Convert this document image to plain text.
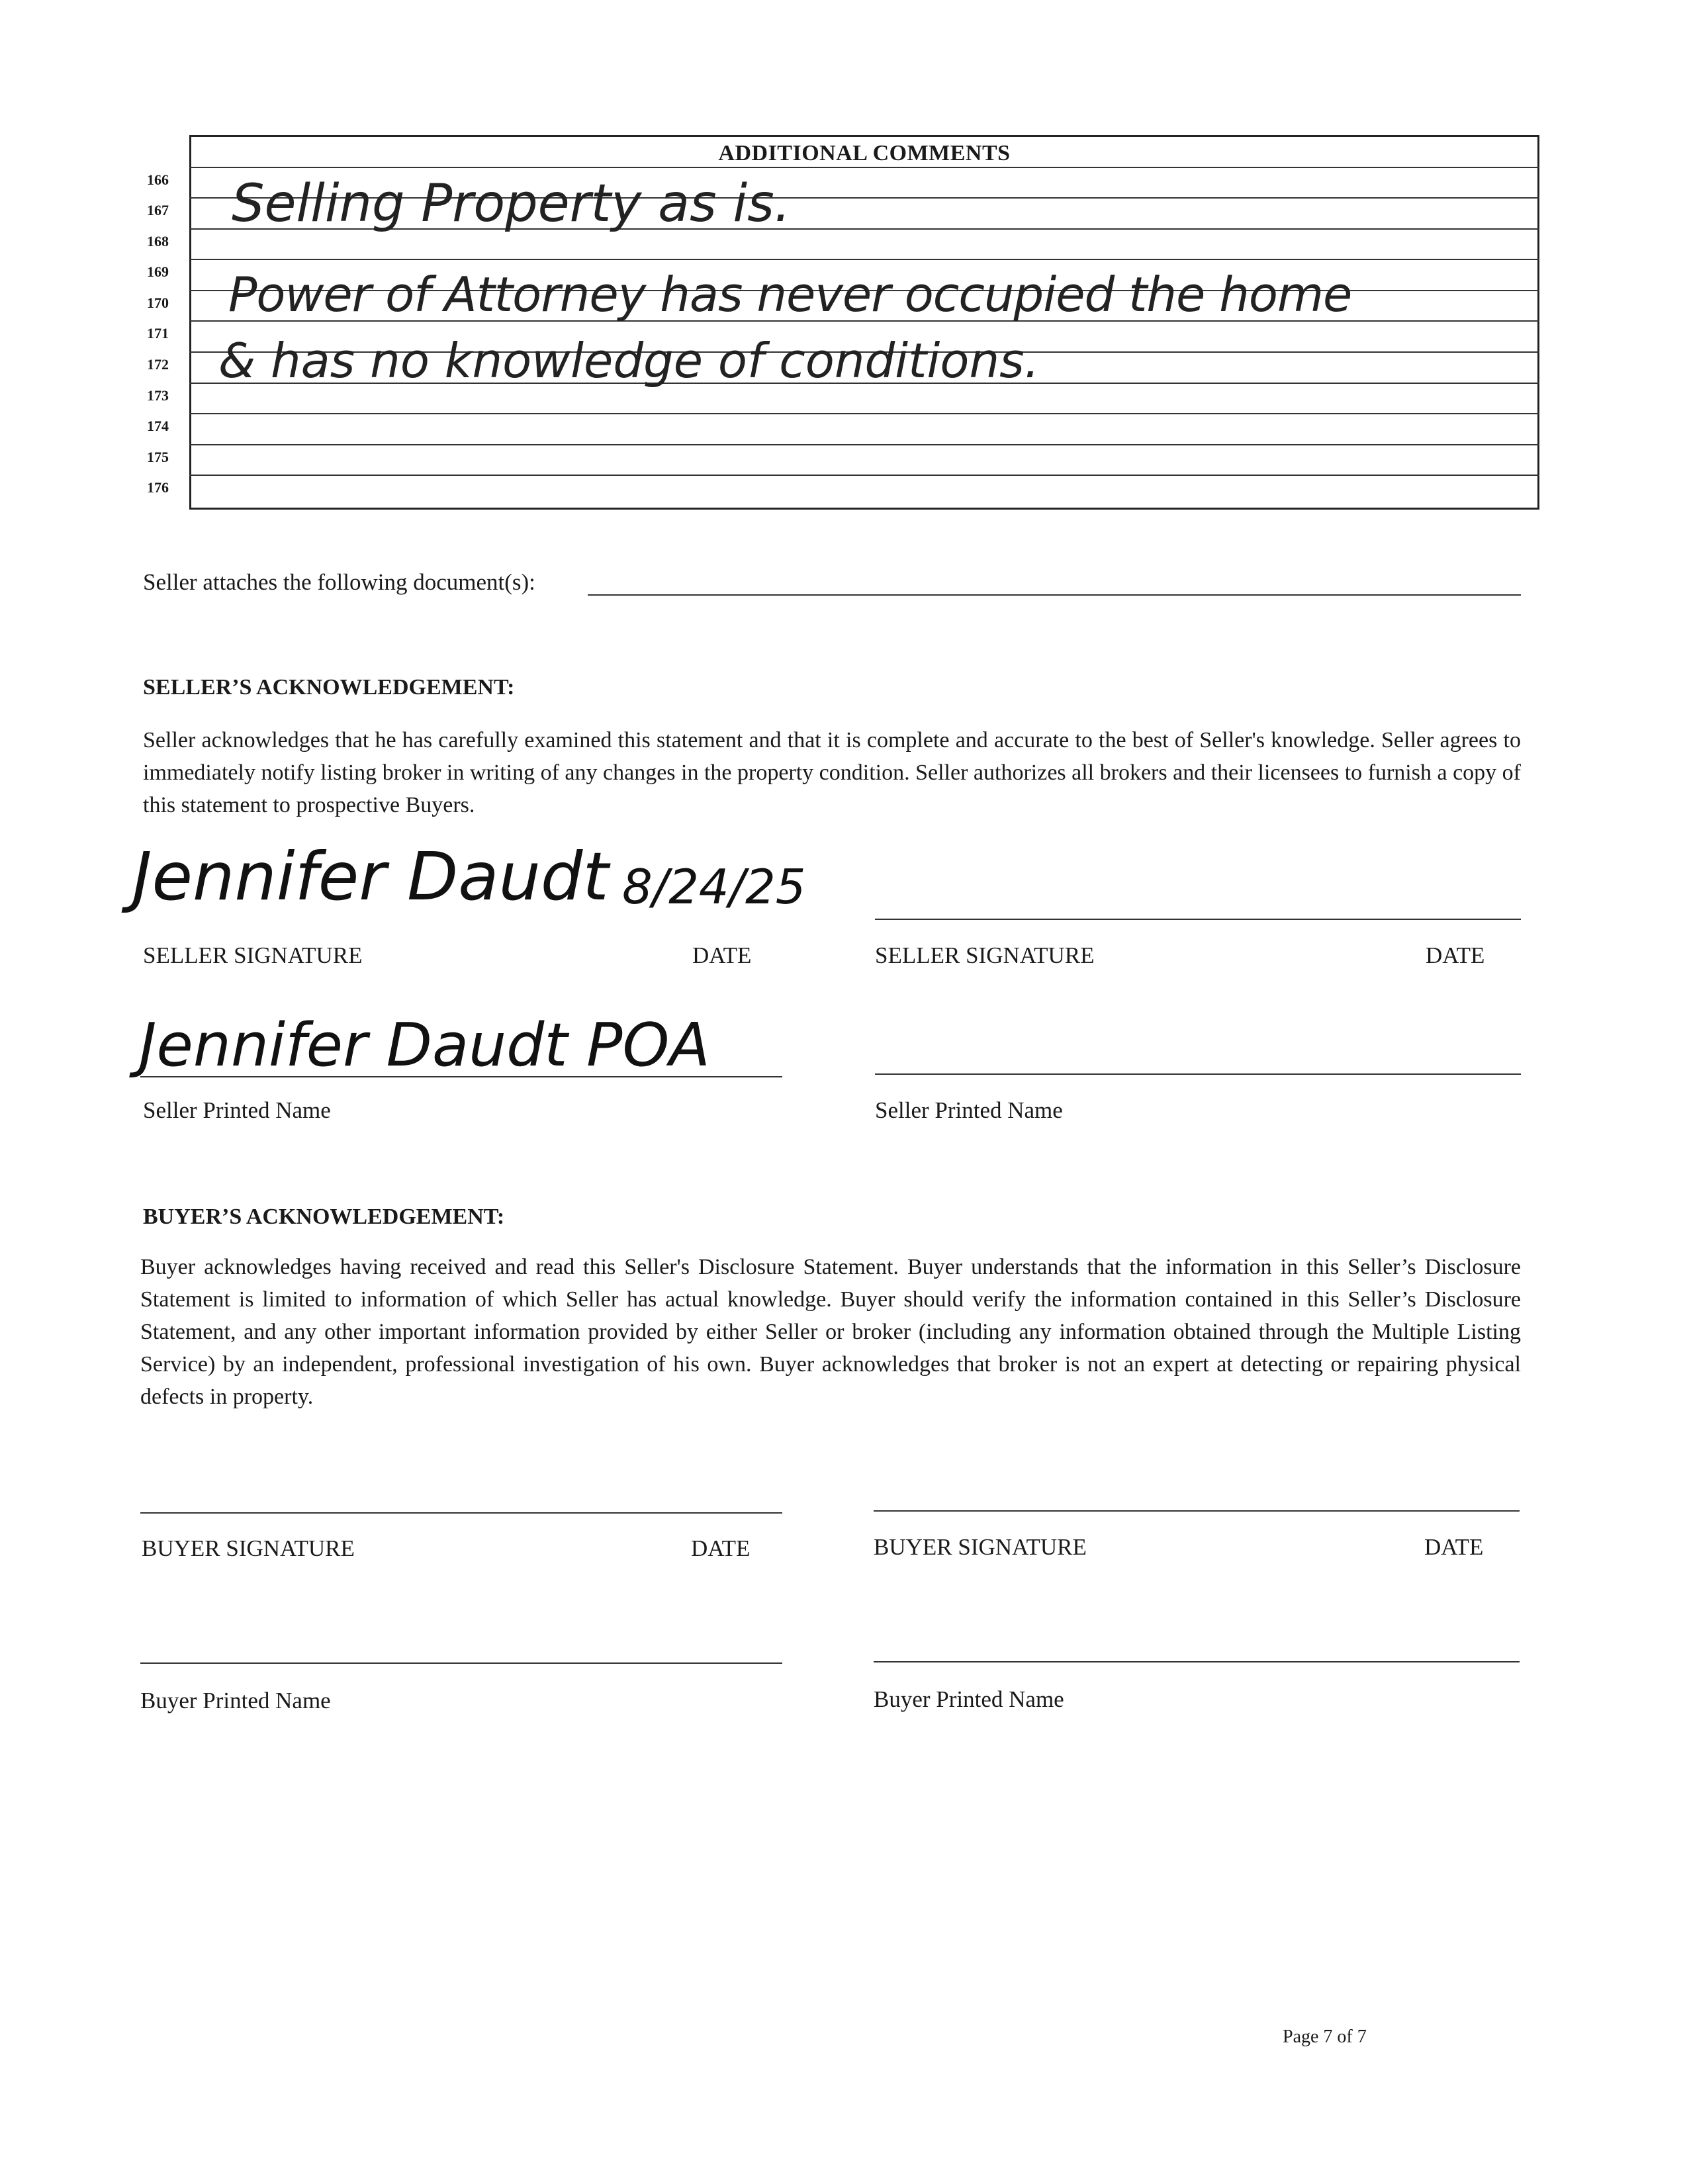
ADDITIONAL COMMENTS
166
167
168
169
170
171
172
173
174
175
176
Selling Property as is.
Power of Attorney has never occupied the home
& has no knowledge of conditions.
Seller attaches the following document(s):
SELLER’S ACKNOWLEDGEMENT:
Seller acknowledges that he has carefully examined this statement and that it is complete and accurate to the best of Seller's knowledge. Seller agrees to immediately notify listing broker in writing of any changes in the property condition. Seller authorizes all brokers and their licensees to furnish a copy of this statement to prospective Buyers.
Jennifer Daudt 8/24/25
SELLER SIGNATURE	DATE	SELLER SIGNATURE	DATE
Jennifer Daudt POA
Seller Printed Name	Seller Printed Name
BUYER’S ACKNOWLEDGEMENT:
Buyer acknowledges having received and read this Seller's Disclosure Statement. Buyer understands that the information in this Seller’s Disclosure Statement is limited to information of which Seller has actual knowledge. Buyer should verify the information contained in this Seller’s Disclosure Statement, and any other important information provided by either Seller or broker (including any information obtained through the Multiple Listing Service) by an independent, professional investigation of his own. Buyer acknowledges that broker is not an expert at detecting or repairing physical defects in property.
BUYER SIGNATURE	DATE	BUYER SIGNATURE	DATE
Buyer Printed Name	Buyer Printed Name
Page 7 of 7
